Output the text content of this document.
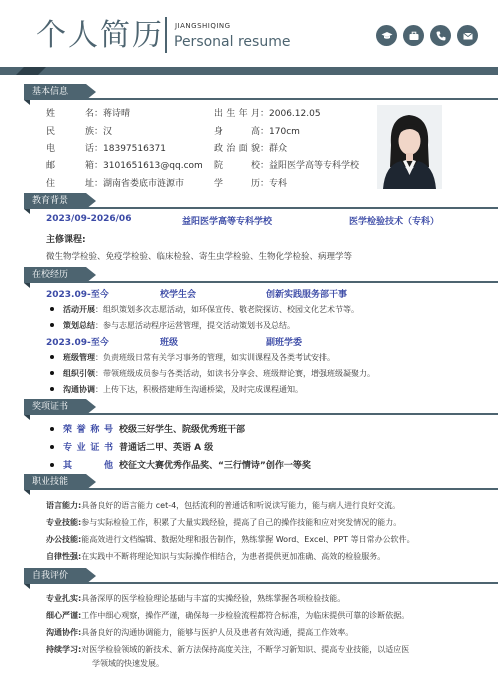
个人简历 JIANGSHIQING
Personal resume
基本信息
姓　名：蒋诗晴	出生年月：2006.12.05
民　族：汉	身　高：170cm
电　话：18397516371	政治面貌：群众
邮　箱：3101651613@qq.com 院　校：益阳医学高等专科学校
住　址：湖南省娄底市涟源市	学　历：专科
教育背景
2023/09-2026/06	益阳医学高等专科学校	医学检验技术（专科）
主修课程:
微生物学检验、免疫学检验、临床检验、寄生虫学检验、生物化学检验、病理学等
在校经历
2023.09-至今	校学生会	创新实践服务部干事
活动开展：组织策划多次志愿活动，如环保宣传、敬老院探访、校园文化艺术节等。
策划总结：参与志愿活动程序运营管理，提交活动策划书及总结。
2023.09-至今	班级	副班学委
班级管理：负责班级日常有关学习事务的管理，如实训课程及各类考试安排。
组织引领：带领班级成员参与各类活动，如读书分享会、班级辩论赛，增强班级凝聚力。
沟通协调：上传下达，积极搭建师生沟通桥梁，及时完成课程通知。
奖项证书
荣誉称号 校级三好学生、院级优秀班干部
专业证书 普通话二甲、英语 A 级
其　他 校征文大赛优秀作品奖、“三行情诗”创作一等奖
职业技能
语言能力:具备良好的语言能力 cet-4，包括流利的普通话和听说读写能力，能与病人进行良好交流。
专业技能:参与实际检验工作，积累了大量实践经验，提高了自己的操作技能和应对突发情况的能力。
办公技能:能高效进行文档编辑、数据处理和报告制作，熟练掌握 Word、Excel、PPT 等日常办公软件。
自律性强:在实践中不断将理论知识与实际操作相结合，为患者提供更加准确、高效的检验服务。
自我评价
专业扎实:具备深厚的医学检验理论基础与丰富的实操经验，熟练掌握各项检验技能。
细心严谨:工作中细心观察，操作严谨，确保每一步检验流程都符合标准，为临床提供可靠的诊断依据。
沟通协作:具备良好的沟通协调能力，能够与医护人员及患者有效沟通，提高工作效率。
持续学习:对医学检验领域的新技术、新方法保持高度关注，不断学习新知识、提高专业技能，以适应医
学领域的快速发展。
